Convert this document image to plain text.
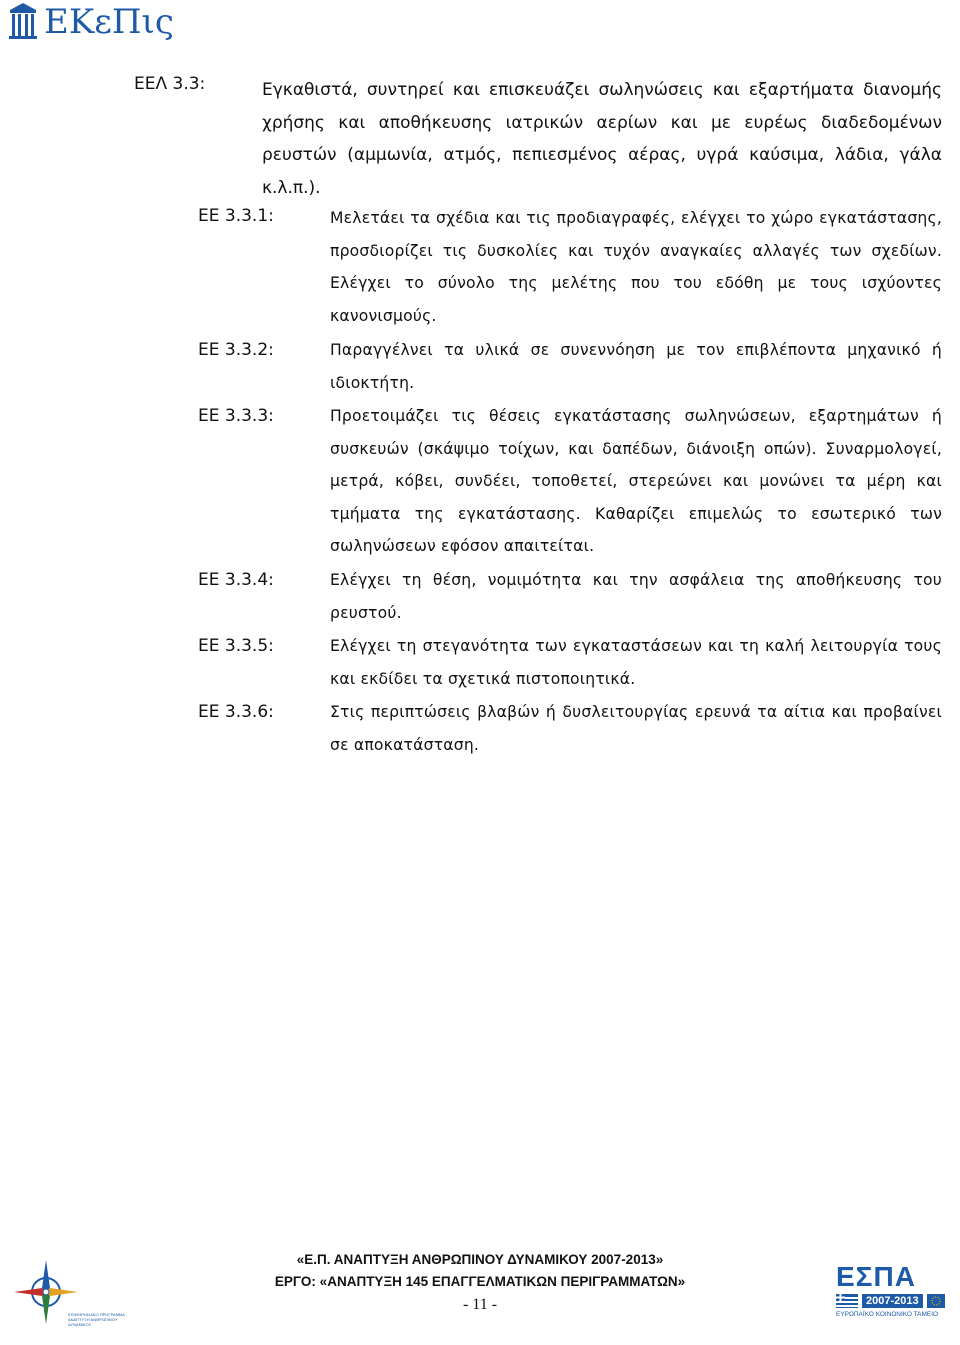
ΕΚεΠις
ΕΕΛ 3.3:	Εγκαθιστά, συντηρεί και επισκευάζει σωληνώσεις και εξαρτήματα διανομής χρήσης και αποθήκευσης ιατρικών αερίων και με ευρέως διαδεδομένων ρευστών (αμμωνία, ατμός, πεπιεσμένος αέρας, υγρά καύσιμα, λάδια, γάλα κ.λ.π.).
ΕΕ 3.3.1:	Μελετάει τα σχέδια και τις προδιαγραφές, ελέγχει το χώρο εγκατάστασης, προσδιορίζει τις δυσκολίες και τυχόν αναγκαίες αλλαγές των σχεδίων. Ελέγχει το σύνολο της μελέτης που του εδόθη με τους ισχύοντες κανονισμούς.
ΕΕ 3.3.2:	Παραγγέλνει τα υλικά σε συνεννόηση με τον επιβλέποντα μηχανικό ή ιδιοκτήτη.
ΕΕ 3.3.3:	Προετοιμάζει τις θέσεις εγκατάστασης σωληνώσεων, εξαρτημάτων ή συσκευών (σκάψιμο τοίχων, και δαπέδων, διάνοιξη οπών). Συναρμολογεί, μετρά, κόβει, συνδέει, τοποθετεί, στερεώνει και μονώνει τα μέρη και τμήματα της εγκατάστασης. Καθαρίζει επιμελώς το εσωτερικό των σωληνώσεων εφόσον απαιτείται.
ΕΕ 3.3.4:	Ελέγχει τη θέση, νομιμότητα και την ασφάλεια της αποθήκευσης του ρευστού.
ΕΕ 3.3.5:	Ελέγχει τη στεγανότητα των εγκαταστάσεων και τη καλή λειτουργία τους και εκδίδει τα σχετικά πιστοποιητικά.
ΕΕ 3.3.6:	Στις περιπτώσεις βλαβών ή δυσλειτουργίας ερευνά τα αίτια και προβαίνει σε αποκατάσταση.
ΕΠΙΧΕΙΡΗΣΙΑΚΟ ΠΡΟΓΡΑΜΜΑ ΑΝΑΠΤΥΞΗ ΑΝΘΡΩΠΙΝΟΥ ΔΥΝΑΜΙΚΟΥ
«Ε.Π. ΑΝΑΠΤΥΞΗ ΑΝΘΡΩΠΙΝΟΥ ΔΥΝΑΜΙΚΟΥ 2007-2013»
ΕΡΓΟ: «ΑΝΑΠΤΥΞΗ 145 ΕΠΑΓΓΕΛΜΑΤΙΚΩΝ ΠΕΡΙΓΡΑΜΜΑΤΩΝ»
- 11 -
ΕΣΠΑ
2007-2013
ΕΥΡΩΠΑΪΚΟ ΚΟΙΝΩΝΙΚΟ ΤΑΜΕΙΟ
